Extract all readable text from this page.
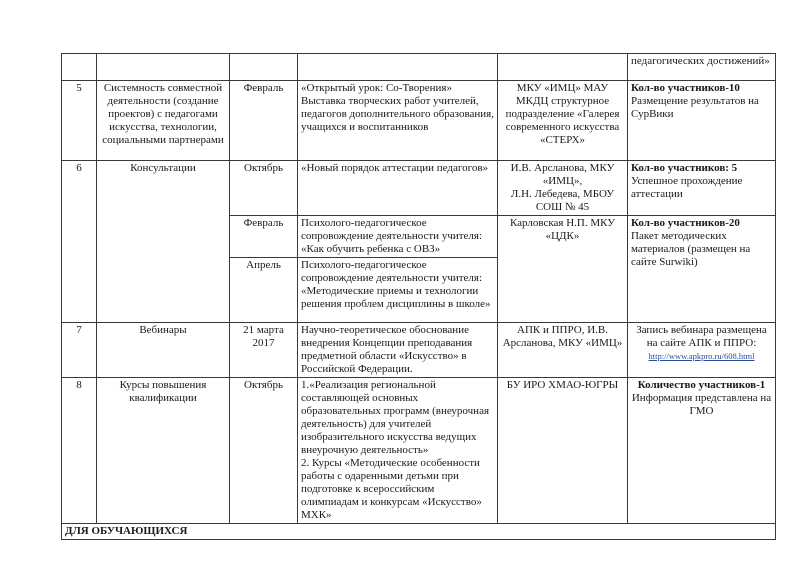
					педагогических достижений»
5	Системность совместной деятельности (создание проектов) с педагогами искусства, технологии, социальными партнерами	Февраль	«Открытый урок: Со-Творения» Выставка творческих работ учителей, педагогов дополнительного образования, учащихся и воспитанников	МКУ «ИМЦ» МАУ МКДЦ структурное подразделение «Галерея современного искусства «СТЕРХ»	Кол-во участников-10
Размещение результатов на СурВики

6	Консультации	Октябрь	«Новый порядок аттестации педагогов»	И.В. Арсланова, МКУ «ИМЦ»,
Л.Н. Лебедева, МБОУ СОШ № 45	Кол-во участников: 5
Успешное прохождение аттестации

		Февраль	Психолого-педагогическое сопровождение деятельности учителя: «Как обучить ребенка с ОВЗ»	Карловская Н.П. МКУ «ЦДК»	Кол-во участников-20
Пакет методических материалов (размещен на сайте Surwiki)

		Апрель	Психолого-педагогическое сопровождение деятельности учителя: «Методические приемы и технологии решения проблем дисциплины в школе»		
7	Вебинары	21 марта 2017	Научно-теоретическое обоснование внедрения Концепции преподавания предметной области «Искусство» в Российской Федерации.	АПК и ППРО, И.В. Арсланова, МКУ «ИМЦ»	Запись вебинара размещена на сайте АПК и ППРО:
http://www.apkpro.ru/608.html

8	Курсы повышения квалификации	Октябрь	1.«Реализация региональной составляющей основных образовательных программ (внеурочная деятельность) для учителей изобразительного искусства ведущих внеурочную деятельность»
2. Курсы «Методические особенности работы с одаренными детьми при подготовке к всероссийским олимпиадам и конкурсам «Искусство» МХК»	БУ ИРО ХМАО-ЮГРЫ	Количество участников-1
Информация представлена на ГМО

ДЛЯ ОБУЧАЮЩИХСЯ					
